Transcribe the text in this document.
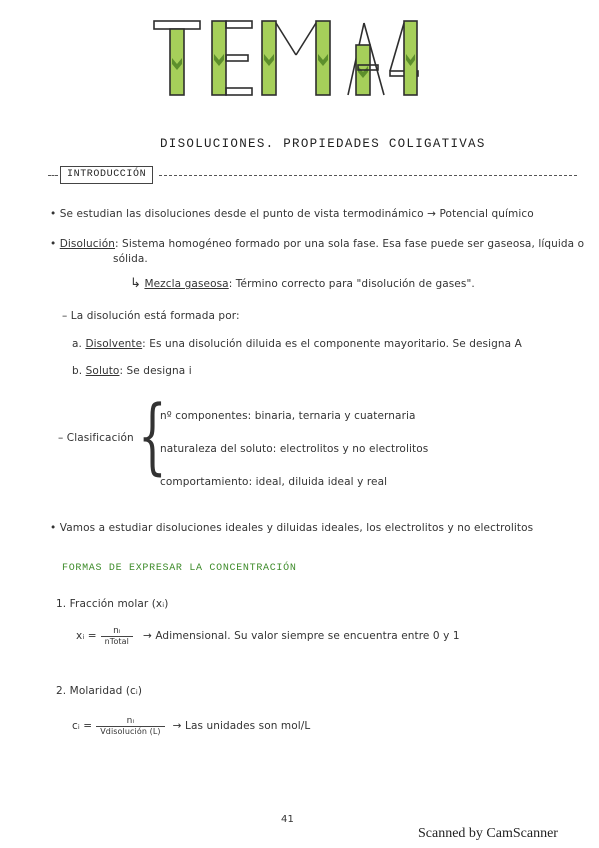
DISOLUCIONES. PROPIEDADES COLIGATIVAS
INTRODUCCIÓN
• Se estudian las disoluciones desde el punto de vista termodinámico → Potencial químico
• Disolución: Sistema homogéneo formado por una sola fase. Esa fase puede ser gaseosa, líquida o
sólida.
↳ Mezcla gaseosa: Término correcto para "disolución de gases".
– La disolución está formada por:
a. Disolvente: Es una disolución diluida es el componente mayoritario. Se designa A
b. Soluto: Se designa i
– Clasificación {
nº componentes: binaria, ternaria y cuaternaria
naturaleza del soluto: electrolitos y no electrolitos
comportamiento: ideal, diluida ideal y real
• Vamos a estudiar disoluciones ideales y diluidas ideales, los electrolitos y no electrolitos
FORMAS DE EXPRESAR LA CONCENTRACIÓN
1. Fracción molar (xᵢ)
xᵢ = $\frac{\text{nᵢ}}{\text{nTotal}}$ → Adimensional. Su valor siempre se encuentra entre 0 y 1
2. Molaridad (cᵢ)
cᵢ = $\frac{\text{nᵢ}}{\text{Vdisolución (L)}}$ → Las unidades son mol/L
41
Scanned by CamScanner
